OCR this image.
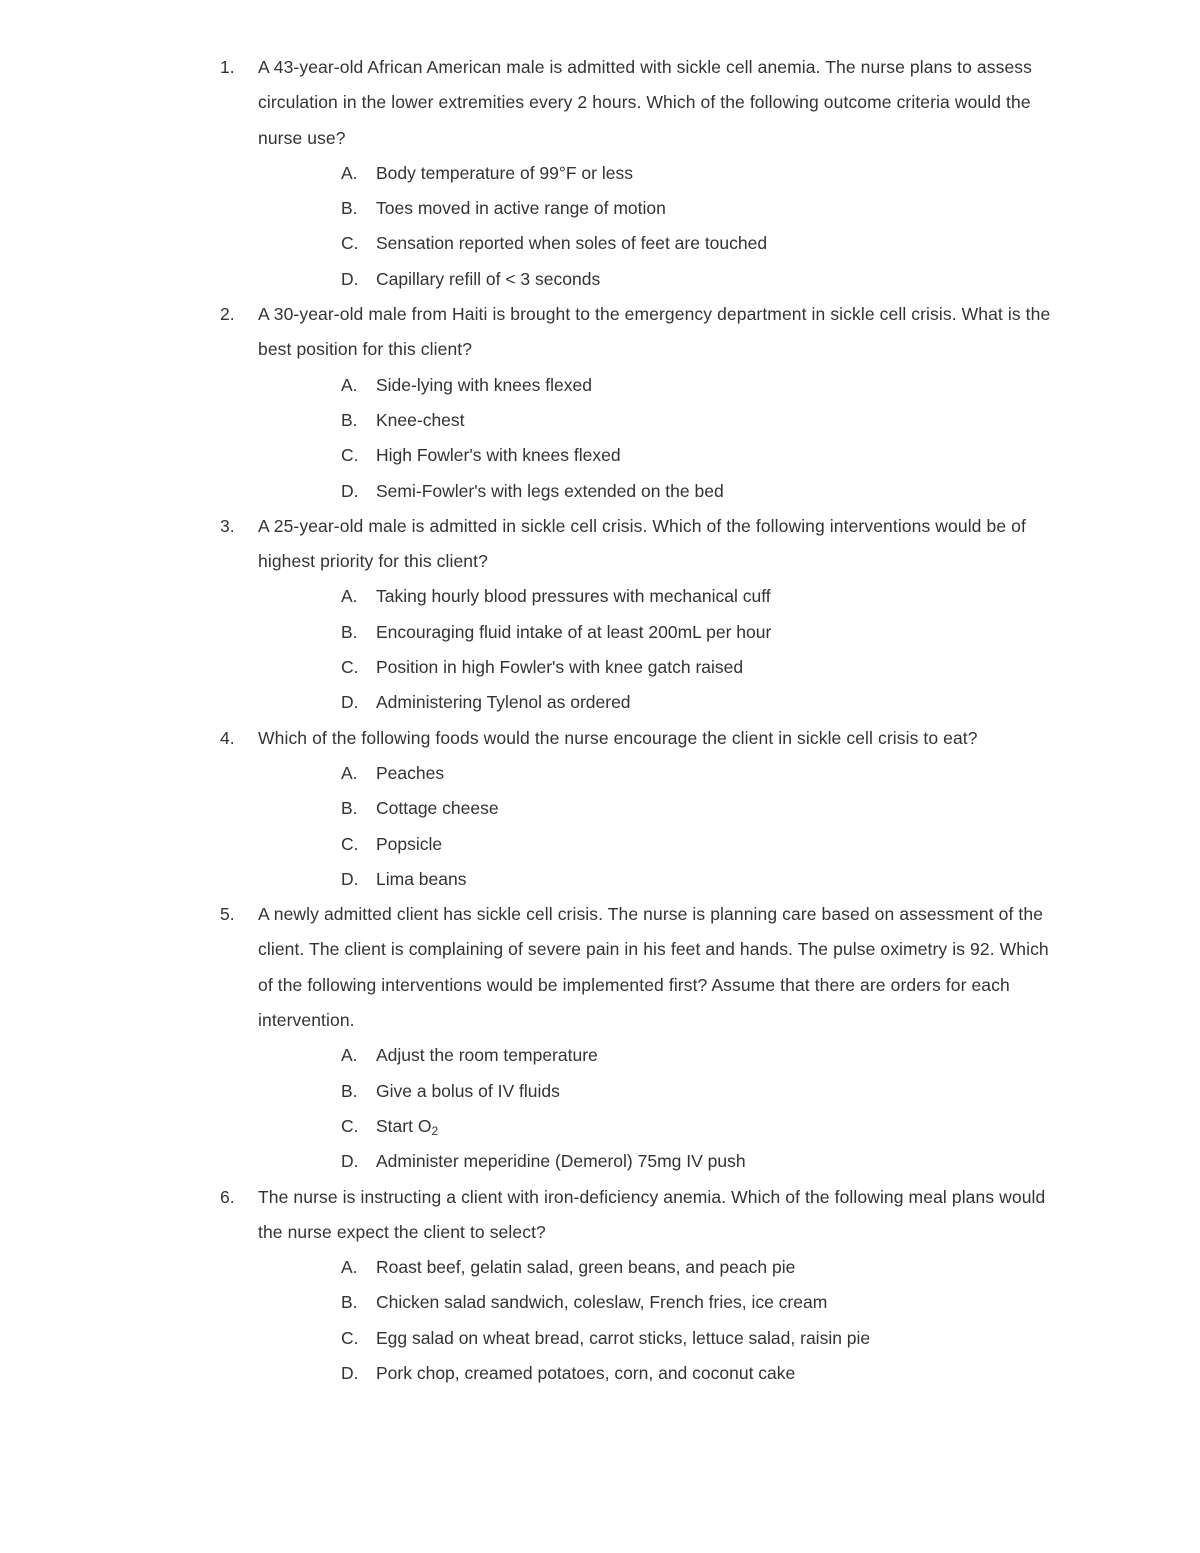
1. A 43-year-old African American male is admitted with sickle cell anemia. The nurse plans to assess circulation in the lower extremities every 2 hours. Which of the following outcome criteria would the nurse use?
A. Body temperature of 99°F or less
B. Toes moved in active range of motion
C. Sensation reported when soles of feet are touched
D. Capillary refill of < 3 seconds
2. A 30-year-old male from Haiti is brought to the emergency department in sickle cell crisis. What is the best position for this client?
A. Side-lying with knees flexed
B. Knee-chest
C. High Fowler's with knees flexed
D. Semi-Fowler's with legs extended on the bed
3. A 25-year-old male is admitted in sickle cell crisis. Which of the following interventions would be of highest priority for this client?
A. Taking hourly blood pressures with mechanical cuff
B. Encouraging fluid intake of at least 200mL per hour
C. Position in high Fowler's with knee gatch raised
D. Administering Tylenol as ordered
4. Which of the following foods would the nurse encourage the client in sickle cell crisis to eat?
A. Peaches
B. Cottage cheese
C. Popsicle
D. Lima beans
5. A newly admitted client has sickle cell crisis. The nurse is planning care based on assessment of the client. The client is complaining of severe pain in his feet and hands. The pulse oximetry is 92. Which of the following interventions would be implemented first? Assume that there are orders for each intervention.
A. Adjust the room temperature
B. Give a bolus of IV fluids
C. Start $O_2$
D. Administer meperidine (Demerol) 75mg IV push
6. The nurse is instructing a client with iron-deficiency anemia. Which of the following meal plans would the nurse expect the client to select?
A. Roast beef, gelatin salad, green beans, and peach pie
B. Chicken salad sandwich, coleslaw, French fries, ice cream
C. Egg salad on wheat bread, carrot sticks, lettuce salad, raisin pie
D. Pork chop, creamed potatoes, corn, and coconut cake
